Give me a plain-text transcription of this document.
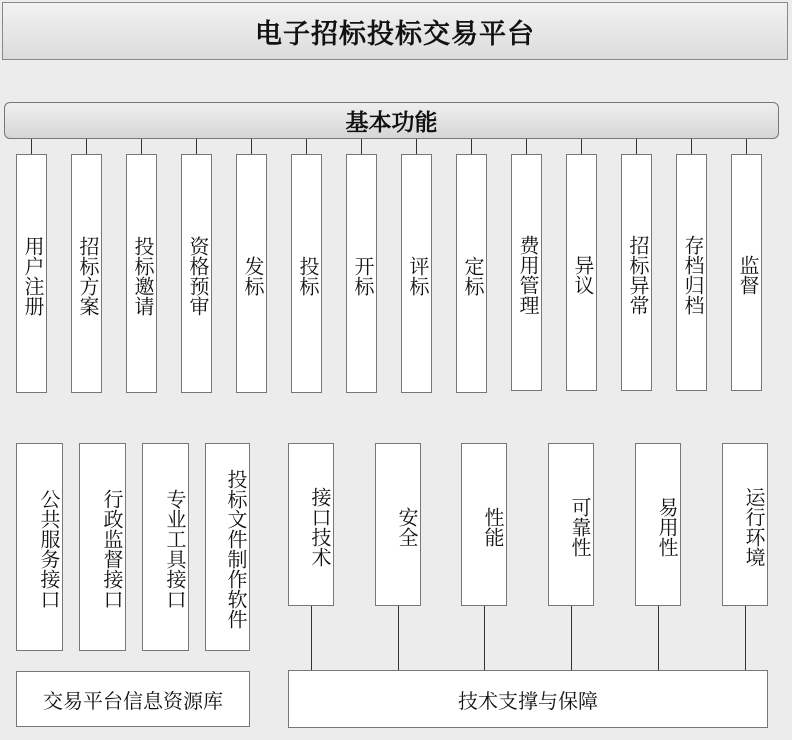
电子招标投标交易平台
基本功能
用户注册 招标方案 投标邀请 资格预审 发标 投标 开标 评标 定标 费用管理 异议 招标异常 存档归档 监督
公共服务接口	行政监督接口	专业工具接口	投标文件制作软件
交易平台信息资源库
接口技术	安全	性能	可靠性	易用性	运行环境
技术支撑与保障
